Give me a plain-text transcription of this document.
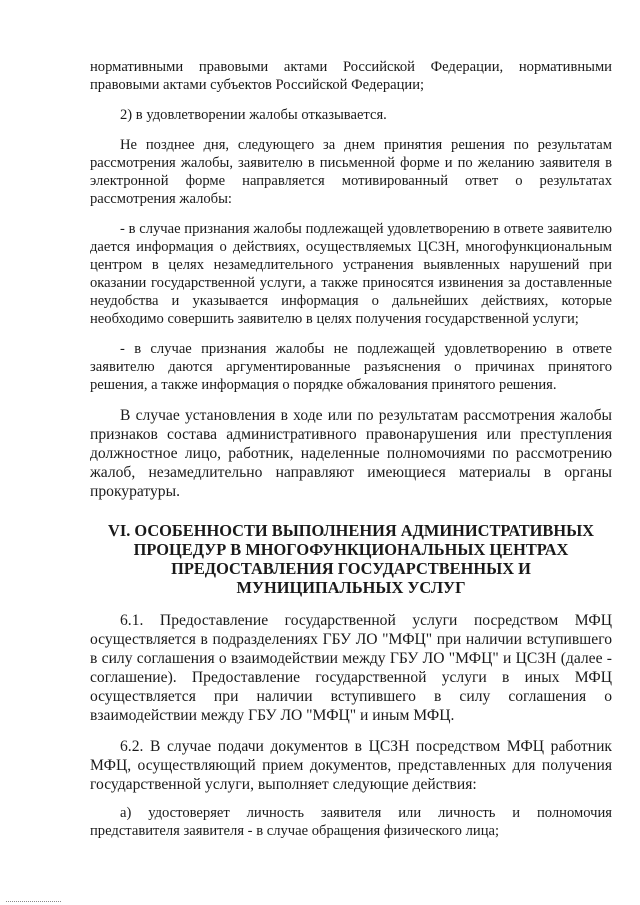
нормативными правовыми актами Российской Федерации, нормативными правовыми актами субъектов Российской Федерации;

2) в удовлетворении жалобы отказывается.

Не позднее дня, следующего за днем принятия решения по результатам рассмотрения жалобы, заявителю в письменной форме и по желанию заявителя в электронной форме направляется мотивированный ответ о результатах рассмотрения жалобы:

- в случае признания жалобы подлежащей удовлетворению в ответе заявителю дается информация о действиях, осуществляемых ЦСЗН, многофункциональным центром в целях незамедлительного устранения выявленных нарушений при оказании государственной услуги, а также приносятся извинения за доставленные неудобства и указывается информация о дальнейших действиях, которые необходимо совершить заявителю в целях получения государственной услуги;

- в случае признания жалобы не подлежащей удовлетворению в ответе заявителю даются аргументированные разъяснения о причинах принятого решения, а также информация о порядке обжалования принятого решения.

В случае установления в ходе или по результатам рассмотрения жалобы признаков состава административного правонарушения или преступления должностное лицо, работник, наделенные полномочиями по рассмотрению жалоб, незамедлительно направляют имеющиеся материалы в органы прокуратуры.

VI. ОСОБЕННОСТИ ВЫПОЛНЕНИЯ АДМИНИСТРАТИВНЫХ ПРОЦЕДУР В МНОГОФУНКЦИОНАЛЬНЫХ ЦЕНТРАХ ПРЕДОСТАВЛЕНИЯ ГОСУДАРСТВЕННЫХ И МУНИЦИПАЛЬНЫХ УСЛУГ

6.1. Предоставление государственной услуги посредством МФЦ осуществляется в подразделениях ГБУ ЛО "МФЦ" при наличии вступившего в силу соглашения о взаимодействии между ГБУ ЛО "МФЦ" и ЦСЗН (далее - соглашение). Предоставление государственной услуги в иных МФЦ осуществляется при наличии вступившего в силу соглашения о взаимодействии между ГБУ ЛО "МФЦ" и иным МФЦ.

6.2. В случае подачи документов в ЦСЗН посредством МФЦ работник МФЦ, осуществляющий прием документов, представленных для получения государственной услуги, выполняет следующие действия:

а) удостоверяет личность заявителя или личность и полномочия представителя заявителя - в случае обращения физического лица;
